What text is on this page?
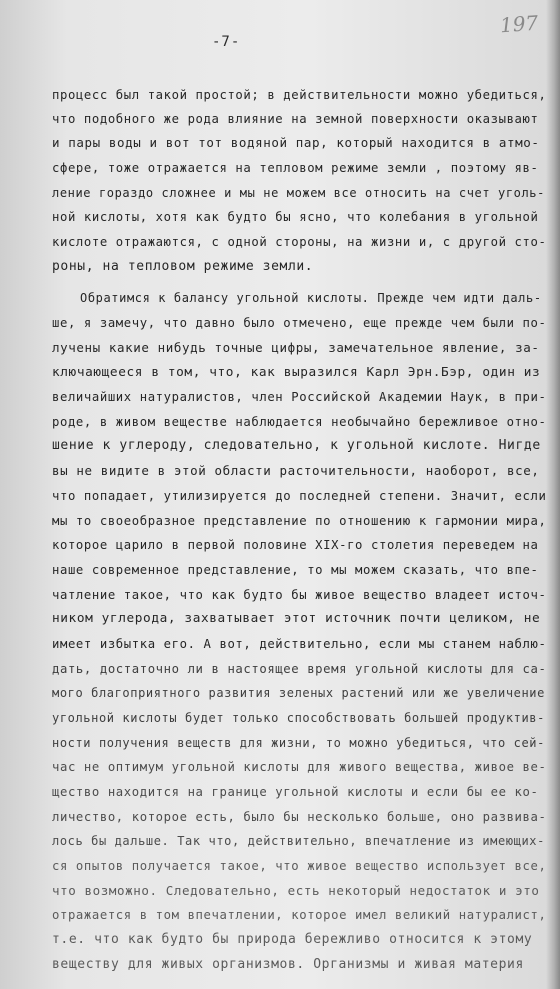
-7-
197
процесс был такой простой; в действительности можно убедиться,
что подобного же рода влияние на земной поверхности оказывают
и пары воды и вот тот водяной пар, который находится в атмо-
сфере, тоже отражается на тепловом режиме земли , поэтому яв-
ление гораздо сложнее и мы не можем все относить на счет уголь-
ной кислоты, хотя как будто бы ясно, что колебания в угольной
кислоте отражаются, с одной стороны, на жизни и, с другой сто-
роны, на тепловом режиме земли.
Обратимся к балансу угольной кислоты. Прежде чем идти даль-
ше, я замечу, что давно было отмечено, еще прежде чем были по-
лучены какие нибудь точные цифры, замечательное явление, за-
ключающееся в том, что, как выразился Карл Эрн.Бэр, один из
величайших натуралистов, член Российской Академии Наук, в при-
роде, в живом веществе наблюдается необычайно бережливое отно-
шение к углероду, следовательно, к угольной кислоте. Нигде
вы не видите в этой области расточительности, наоборот, все,
что попадает, утилизируется до последней степени. Значит, если
мы то своеобразное представление по отношению к гармонии мира,
которое царило в первой половине XIX-го столетия переведем на
наше современное представление, то мы можем сказать, что впе-
чатление такое, что как будто бы живое вещество владеет источ-
ником углерода, захватывает этот источник почти целиком, не
имеет избытка его. А вот, действительно, если мы станем наблю-
дать, достаточно ли в настоящее время угольной кислоты для са-
мого благоприятного развития зеленых растений или же увеличение
угольной кислоты будет только способствовать большей продуктив-
ности получения веществ для жизни, то можно убедиться, что сей-
час не оптимум угольной кислоты для живого вещества, живое ве-
щество находится на границе угольной кислоты и если бы ее ко-
личество, которое есть, было бы несколько больше, оно развива-
лось бы дальше. Так что, действительно, впечатление из имеющих-
ся опытов получается такое, что живое вещество использует все,
что возможно. Следовательно, есть некоторый недостаток и это
отражается в том впечатлении, которое имел великий натуралист,
т.е. что как будто бы природа бережливо относится к этому
веществу для живых организмов. Организмы и живая материя
